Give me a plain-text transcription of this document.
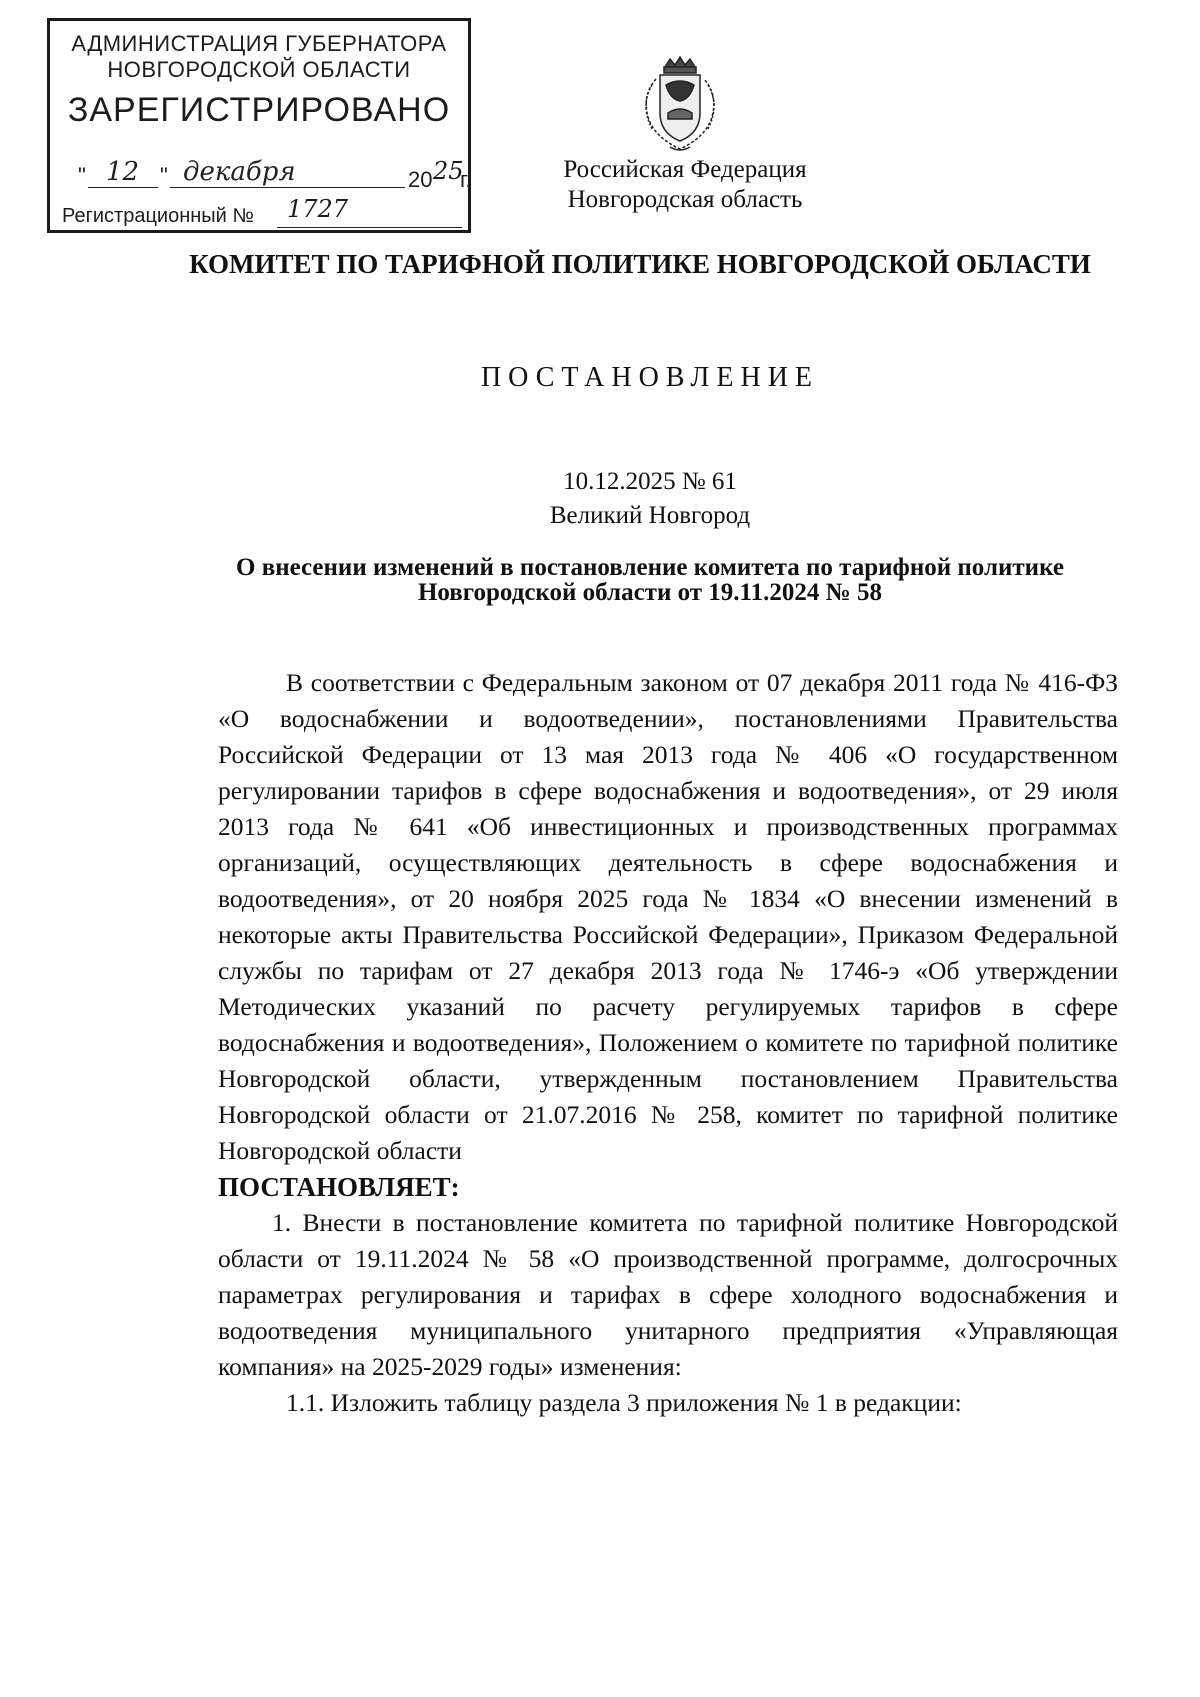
АДМИНИСТРАЦИЯ ГУБЕРНАТОРА
НОВГОРОДСКОЙ ОБЛАСТИ
ЗАРЕГИСТРИРОВАНО
" 12 " декабря	20 25
г.
Регистрационный № 1727
Российская Федерация
Новгородская область
КОМИТЕТ ПО ТАРИФНОЙ ПОЛИТИКЕ НОВГОРОДСКОЙ ОБЛАСТИ
ПОСТАНОВЛЕНИЕ
10.12.2025 № 61
Великий Новгород
О внесении изменений в постановление комитета по тарифной политике Новгородской области от 19.11.2024 № 58

В соответствии с Федеральным законом от 07 декабря 2011 года № 416-ФЗ «О водоснабжении и водоотведении», постановлениями Правительства Российской Федерации от 13 мая 2013 года № 406 «О государственном регулировании тарифов в сфере водоснабжения и водоотведения», от 29 июля 2013 года № 641 «Об инвестиционных и производственных программах организаций, осуществляющих деятельность в сфере водоснабжения и водоотведения», от 20 ноября 2025 года № 1834 «О внесении изменений в некоторые акты Правительства Российской Федерации», Приказом Федеральной службы по тарифам от 27 декабря 2013 года № 1746-э «Об утверждении Методических указаний по расчету регулируемых тарифов в сфере водоснабжения и водоотведения», Положением о комитете по тарифной политике Новгородской области, утвержденным постановлением Правительства Новгородской области от 21.07.2016 № 258, комитет по тарифной политике Новгородской области

ПОСТАНОВЛЯЕТ:

1. Внести в постановление комитета по тарифной политике Новгородской области от 19.11.2024 № 58 «О производственной программе, долгосрочных параметрах регулирования и тарифах в сфере холодного водоснабжения и водоотведения муниципального унитарного предприятия «Управляющая компания» на 2025-2029 годы» изменения:

1.1. Изложить таблицу раздела 3 приложения № 1 в редакции:
